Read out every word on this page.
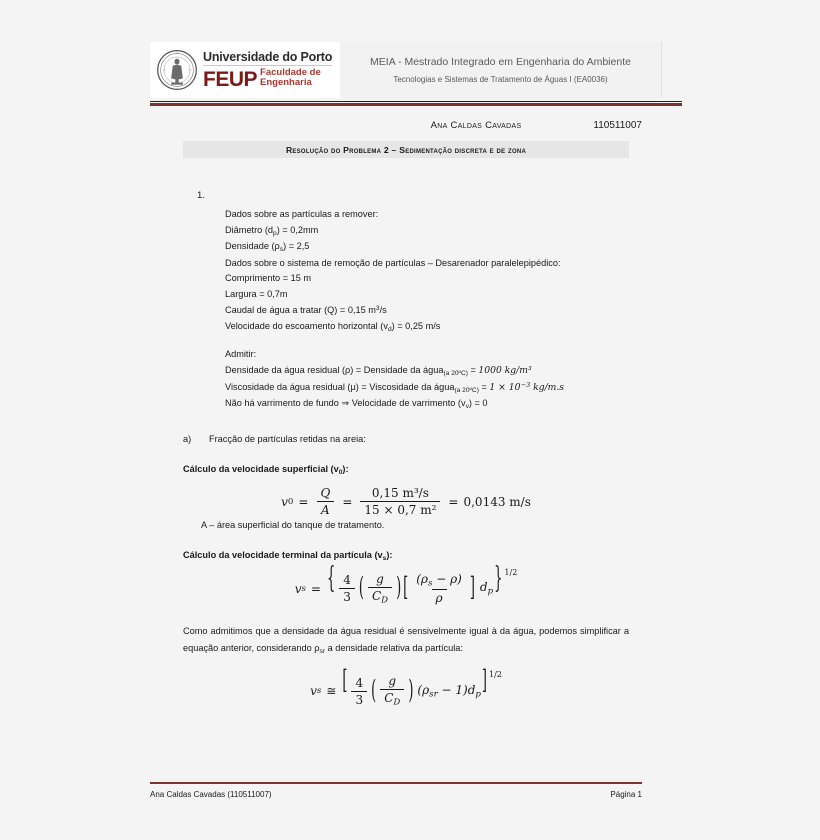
Universidade do Porto
FEUP Faculdade de
Engenharia
MEIA - Mestrado Integrado em Engenharia do Ambiente
Tecnologias e Sistemas de Tratamento de Águas I (EA0036)
Ana Caldas Cavadas	110511007
Resolução do Problema 2 – Sedimentação discreta e de zona
1.
Dados sobre as partículas a remover:
Diâmetro $(d_p) = 0,2mm$
Densidade $(\rho_s) = 2,5$
Dados sobre o sistema de remoção de partículas – Desarenador paralelepipédico:
Comprimento = 15 m
Largura = 0,7m
Caudal de água a tratar (Q) = 0,15 $m^3/s$
Velocidade do escoamento horizontal $(v_d) = 0,25$ m/s
Admitir:
Densidade da água residual (ρ) = Densidade da água$_{(a 20ºC)}$ = 1000 kg/m³
Viscosidade da água residual (μ) = Viscosidade da água$_{(a 20ºC)}$ = $1 \times 10^{-3}$ kg/m.s
Não há varrimento de fundo ⇒ Velocidade de varrimento $(v_v) = 0$
a)	Fracção de partículas retidas na areia:
Cálculo da velocidade superficial $(v_0)$:
v $0 = \frac{Q}{A} = \frac{\text{0,15 m³/s}}{\text{15 × 0,7 m²}} = 0,0143$ m/s
A – área superficial do tanque de tratamento.
Cálculo da velocidade terminal da partícula $(v_s)$:
v s = { $\frac{4}{3}$ ( $\frac{g}{C_D}$ ) [ $\frac{(\rho_s - \rho)}{\rho}$ ] $d_p$ } 1/2
Como admitimos que a densidade da água residual é sensivelmente igual à da água, podemos simplificar a equação anterior, considerando $\rho_{sr}$ a densidade relativa da partícula:
v s ≅ [ $\frac{4}{3}$ ( $\frac{g}{C_D}$ ) $(\rho_{sr} - 1)$ $d_p$ ] 1/2
Ana Caldas Cavadas (110511007)	Página 1
